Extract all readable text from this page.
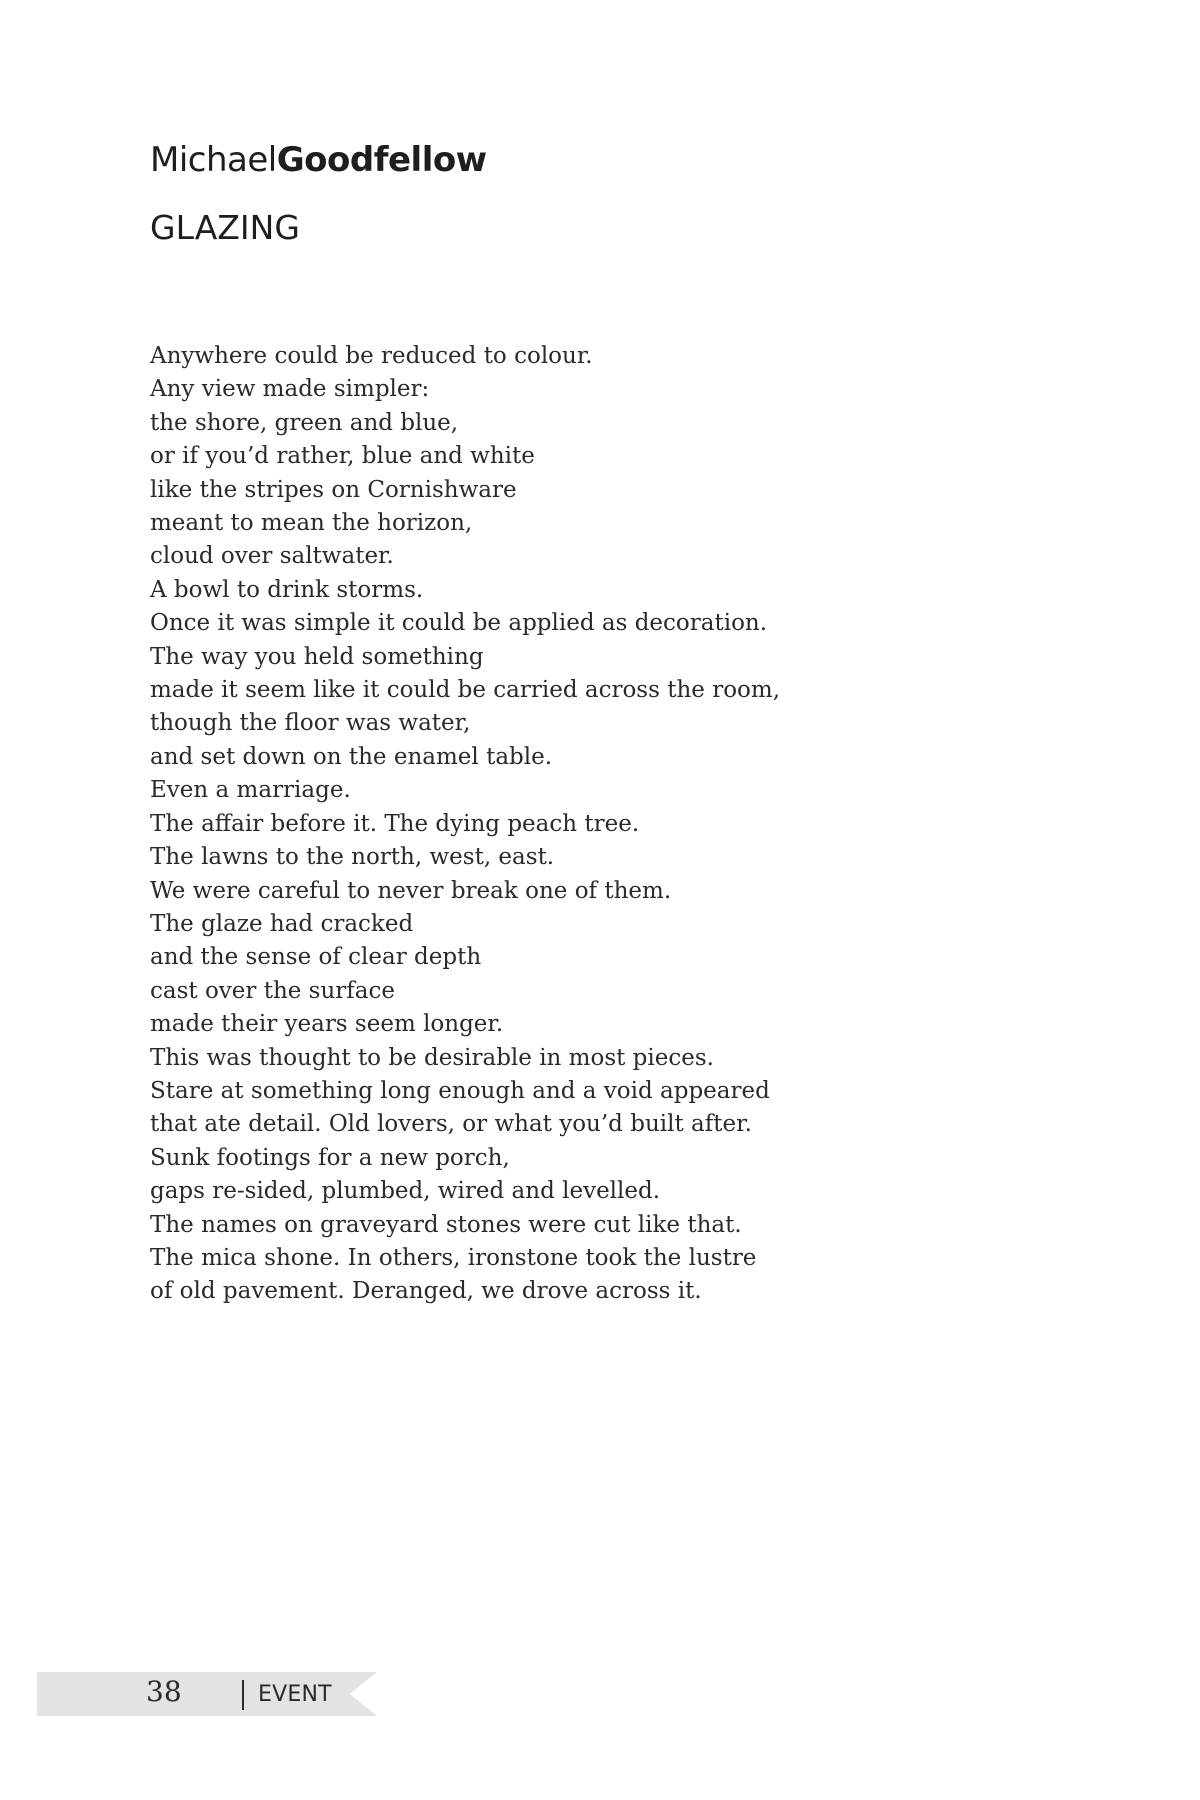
MichaelGoodfellow
GLAZING
Anywhere could be reduced to colour.
Any view made simpler:
the shore, green and blue,
or if you’d rather, blue and white
like the stripes on Cornishware
meant to mean the horizon,
cloud over saltwater.
A bowl to drink storms.
Once it was simple it could be applied as decoration.
The way you held something
made it seem like it could be carried across the room,
though the floor was water,
and set down on the enamel table.
Even a marriage.
The affair before it. The dying peach tree.
The lawns to the north, west, east.
We were careful to never break one of them.
The glaze had cracked
and the sense of clear depth
cast over the surface
made their years seem longer.
This was thought to be desirable in most pieces.
Stare at something long enough and a void appeared
that ate detail. Old lovers, or what you’d built after.
Sunk footings for a new porch,
gaps re-sided, plumbed, wired and levelled.
The names on graveyard stones were cut like that.
The mica shone. In others, ironstone took the lustre
of old pavement. Deranged, we drove across it.
38	EVENT
